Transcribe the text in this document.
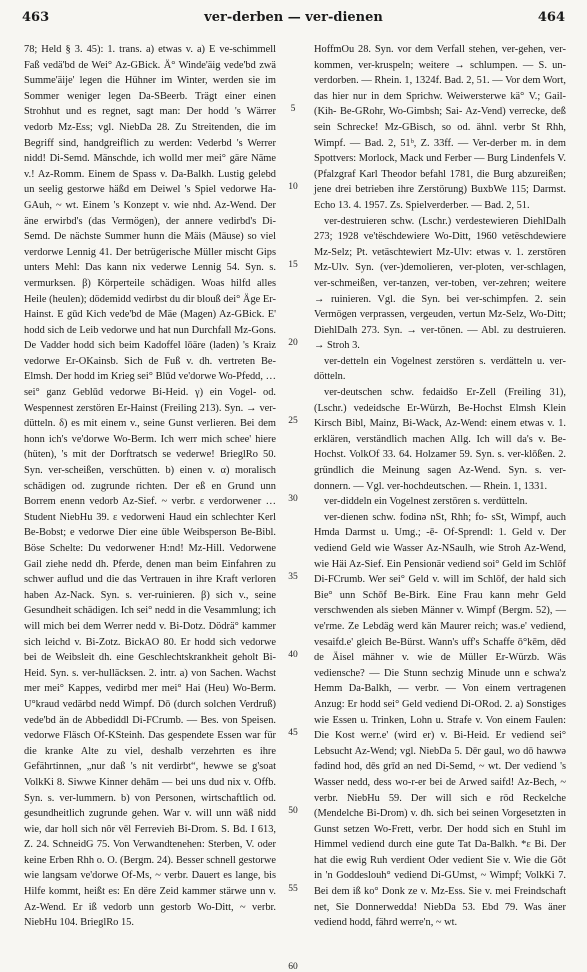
463	ver-derben — ver-dienen	464

78; Held § 3. 45): 1. trans. a) etwas v. a) E ve-schimmell Faß vedä'bd de Wei° Az-GBick. Ä° Winde'äig vede'bd zwä Summe'äije' legen die Hühner im Winter, werden sie im Sommer weniger legen Da-SBeerb. Trägt einer einen Strohhut und es regnet, sagt man: Der hodd 's Wärrer vedorb Mz-Ess; vgl. NiebDa 28. Zu Streitenden, die im Begriff sind, handgreiflich zu werden: Vederbd 's Werrer nidd! Di-Semd. Mänschde, ich wolld mer mei° gäre Näme v.! Az-Romm. Einem de Spass v. Da-Balkh. Lustig gelebd un seelig gestorwe häßd em Deiwel 's Spiel vedorwe Ha-GAuh, ~ wt. Einem 's Konzept v. wie nhd. Az-Wend. Der äne erwirbd's (das Vermögen), der annere vedirbd's Di-Semd. De nächste Summer hunn die Mäis (Mäuse) so viel verdorwe Lennig 41. Der betrügerische Müller mischt Gips unters Mehl: Das kann nix vederwe Lennig 54. Syn. s. vermurksen. β) Körperteile schädigen. Woas hilfd alles Heile (heulen); dödemidd vedirbst du dir blouß dei° Äge Er-Hainst. E gūd Kich vede'bd de Mäe (Magen) Az-GBick. E' hodd sich de Leib vedorwe und hat nun Durchfall Mz-Gons. De Vadder hodd sich beim Kadoffel lōäre (laden) 's Kraiz vedorwe Er-OKainsb. Sich de Fuß v. dh. vertreten Be-Elmsh. Der hodd im Krieg sei° Blūd ve'dorwe Wo-Pfedd, … sei° ganz Geblūd vedorwe Bi-Heid. γ) ein Vogel- od. Wespennest zerstören Er-Hainst (Freiling 213). Syn. → ver-dütteln. δ) es mit einem v., seine Gunst verlieren. Bei dem honn ich's ve'dorwe Wo-Berm. Ich werr mich schee' hiere (hüten), 's mit der Dorftratsch se vederwe! BrieglRo 50. Syn. ver-scheißen, verschütten. b) einen v. α) moralisch schädigen od. zugrunde richten. Der eß en Grund unn Borrem enenn vedorb Az-Sief. ~ verbr. ε verdorwener … Student NiebHu 39. ε vedorweni Haud ein schlechter Kerl Be-Bobst; e vedorwe Dier eine üble Weibsperson Be-Bibl. Böse Schelte: Du vedorwener H:nd! Mz-Hill. Vedorwene Gail ziehe nedd dh. Pferde, denen man beim Einfahren zu schwer auflud und die das Vertrauen in ihre Kraft verloren haben Az-Nack. Syn. s. ver-ruinieren. β) sich v., seine Gesundheit schädigen. Ich sei° nedd in die Vesammlung; ich will mich bei dem Werrer nedd v. Bi-Dotz. Dödrä° kammer sich leichd v. Bi-Zotz. BickAO 80. Er hodd sich vedorwe bei de Weibsleit dh. eine Geschlechtskrankheit geholt Bi-Heid. Syn. s. ver-hulläcksen. 2. intr. a) von Sachen. Wachst mer mei° Kappes, vedirbd mer mei° Hai (Heu) Wo-Berm. U°kraud vedärbd nedd Wimpf. Dō (durch solchen Verdruß) vede'bd än de Abbediddl Di-FCrumb. — Bes. von Speisen. vedorwe Fläsch Of-KSteinh. Das gespendete Essen war für die kranke Alte zu viel, deshalb verzehrten es ihre Gefährtinnen, „nur daß 's nit verdirbt“, hewwe se g'soat VolkKi 8. Siwwe Kinner dehām — bei uns dud nix v. Offb. Syn. s. ver-lummern. b) von Personen, wirtschaftlich od. gesundheitlich zugrunde gehen. War v. will unn wāß nidd wie, dar holl sich nôr vēl Ferrevieh Bi-Drom. S. Bd. I 613, Z. 24. SchneidG 75. Von Verwandtenehen: Sterben, V. oder keine Erben Rhh o. O. (Bergm. 24). Besser schnell gestorwe wie langsam ve'dorwe Of-Ms, ~ verbr. Dauert es lange, bis Hilfe kommt, heißt es: En dëre Zeid kammer stärwe unn v. Az-Wend. Er iß vedorb unn gestorb Wo-Ditt, ~ verbr. NiebHu 104. BrieglRo 15.

5
10
15
20
25
30
35
40
45
50
55
60

HoffmOu 28. Syn. vor dem Verfall stehen, ver-gehen, ver-kommen, ver-kruspeln; weitere → schlumpen. — S. un-verdorben. — Rhein. 1, 1324f. Bad. 2, 51. — Vor dem Wort, das hier nur in dem Sprichw. Weiwersterwe kä° V.; Gail- (Kih- Be-GRohr, Wo-Gimbsh; Sai- Az-Vend) verrecke, deß sein Schrecke! Mz-GBisch, so od. ähnl. verbr St Rhh, Wimpf. — Bad. 2, 51ᵇ, Z. 33ff. — Ver-derber m. in dem Spottvers: Morlock, Mack und Ferber — Burg Lindenfels V. (Pfalzgraf Karl Theodor befahl 1781, die Burg abzureißen; jene drei betrieben ihre Zerstörung) BuxbWe 115; Darmst. Echo 13. 4. 1957. Zs. Spielverderber. — Bad. 2, 51.

ver-destruieren schw. (Lschr.) verdestewieren DiehlDalh 273; 1928 ve'tëschdewiere Wo-Ditt, 1960 vetëschdewiere Mz-Selz; Pt. vetäschtewiert Mz-Ulv: etwas v. 1. zerstören Mz-Ulv. Syn. (ver-)demolieren, ver-ploten, ver-schlagen, ver-schmeißen, ver-tanzen, ver-toben, ver-zehren; weitere → ruinieren. Vgl. die Syn. bei ver-schimpfen. 2. sein Vermögen verprassen, vergeuden, vertun Mz-Selz, Wo-Ditt; DiehlDalh 273. Syn. → ver-tönen. — Abl. zu destruieren. → Stroh 3.

ver-detteln ein Vogelnest zerstören s. verdätteln u. ver-dötteln.

ver-deutschen schw. fedaidšo Er-Zell (Freiling 31), (Lschr.) vedeidsche Er-Würzh, Be-Hochst Elmsh Klein Kirsch Bibl, Mainz, Bi-Wack, Az-Wend: einem etwas v. 1. erklären, verständlich machen Allg. Ich will da's v. Be-Hochst. VolkOf 33. 64. Holzamer 59. Syn. s. ver-klōßen. 2. gründlich die Meinung sagen Az-Wend. Syn. s. ver-donnern. — Vgl. ver-hochdeutschen. — Rhein. 1, 1331.

ver-diddeln ein Vogelnest zerstören s. verdütteln.

ver-dienen schw. fodinə nSt, Rhh; fo- sSt, Wimpf, auch Hmda Darmst u. Umg.; -ē- Of-Sprendl: 1. Geld v. Der vediend Geld wie Wasser Az-NSaulh, wie Stroh Az-Wend, wie Häi Az-Sief. Ein Pensionär vediend soi° Geld im Schlōf Di-FCrumb. Wer sei° Geld v. will im Schlōf, der hald sich Bie° unn Schōf Be-Birk. Eine Frau kann mehr Geld verschwenden als sieben Männer v. Wimpf (Bergm. 52), — ve'rme. Ze Lebdäg werd kän Maurer reich; was.e' vediend, vesaifd.e' gleich Be-Bürst. Wann's uff's Schaffe ō°kēm, dēd de Äisel mähner v. wie de Müller Er-Würzb. Wäs vediensche? — Die Stunn sechzig Minude unn e schwa'z Hemm Da-Balkh, — verbr. — Von einem vertragenen Anzug: Er hodd sei° Geld vediend Di-ORod. 2. a) Sonstiges wie Essen u. Trinken, Lohn u. Strafe v. Von einem Faulen: Die Kost werr.e' (wird er) v. Bi-Heid. Er vediend sei° Lebsucht Az-Wend; vgl. NiebDa 5. Dēr gaul, wo dō hawwə fədind hod, dēs grīd ən ned Di-Semd, ~ wt. Der vediend 's Wasser nedd, dess wo-r-er bei de Arwed saifd! Az-Bech, ~ verbr. NiebHu 59. Der will sich e röd Reckelche (Mendelche Bi-Drom) v. dh. sich bei seinen Vorgesetzten in Gunst setzen Wo-Frett, verbr. Der hodd sich en Stuhl im Himmel vediend durch eine gute Tat Da-Balkh. *ε Bi. Der hat die ewig Ruh verdient Oder vedient Sie v. Wie die Gōt in 'n Goddeslouh° vediend Di-GUmst, ~ Wimpf; VolkKi 7. Bei dem iß ko° Donk ze v. Mz-Ess. Sie v. mei Freindschaft net, Sie Donnerwedda! NiebDa 53. Ebd 79. Was äner vediend hodd, fährd werre'n, ~ wt.
